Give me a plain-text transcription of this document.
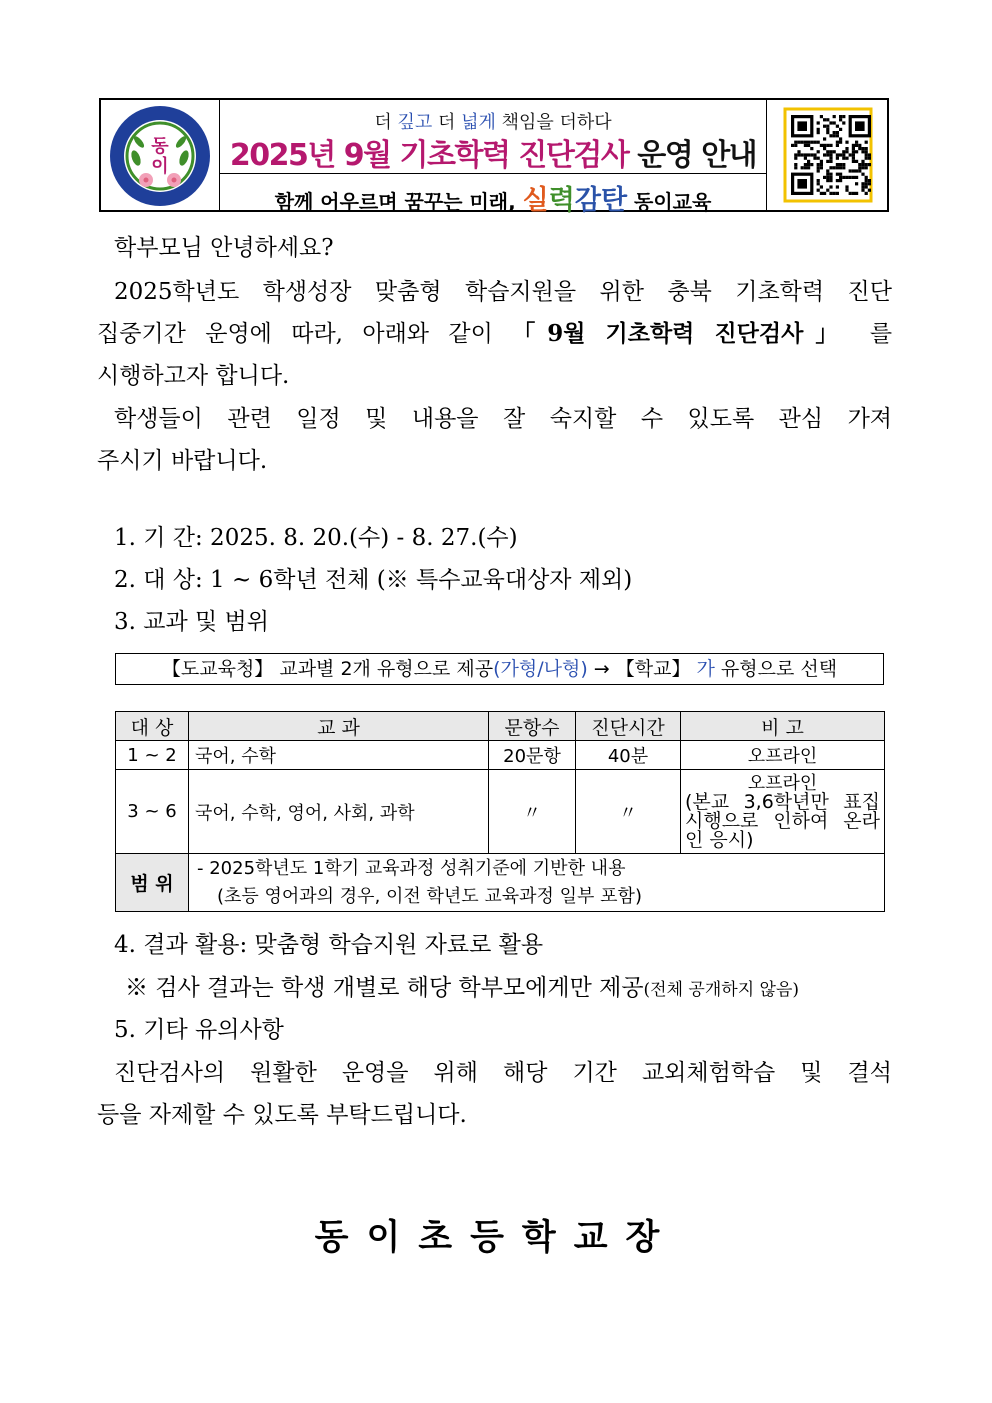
동
이
더 깊고 더 넓게 책임을 더하다
2025년 9월 기초학력 진단검사 운영 안내
함께 어우르며 꿈꾸는 미래, 실력감탄 동이교육
학부모님 안녕하세요?
2025학년도 학생성장 맞춤형 학습지원을 위한 충북 기초학력 진단
집중기간 운영에 따라, 아래와 같이 「9월 기초학력 진단검사」 를
시행하고자 합니다.
학생들이 관련 일정 및 내용을 잘 숙지할 수 있도록 관심 가져
주시기 바랍니다.
1. 기 간: 2025. 8. 20.(수) - 8. 27.(수)
2. 대 상: 1 ~ 6학년 전체 (※ 특수교육대상자 제외)
3. 교과 및 범위
【도교육청】 교과별 2개 유형으로 제공(가형/나형) → 【학교】 가 유형으로 선택
대 상	교 과	문항수	진단시간	비 고
1 ~ 2	국어, 수학	20문항	40분	오프라인
3 ~ 6	국어, 수학, 영어, 사회, 과학	〃	〃	오프라인
(본교 3,6학년만 표집 시행으로 인하여 온라인 응시)

범 위	- 2025학년도 1학기 교육과정 성취기준에 기반한 내용
(초등 영어과의 경우, 이전 학년도 교육과정 일부 포함)			
4. 결과 활용: 맞춤형 학습지원 자료로 활용
※ 검사 결과는 학생 개별로 해당 학부모에게만 제공(전체 공개하지 않음)
5. 기타 유의사항
진단검사의 원활한 운영을 위해 해당 기간 교외체험학습 및 결석
등을 자제할 수 있도록 부탁드립니다.
동이초등학교장
